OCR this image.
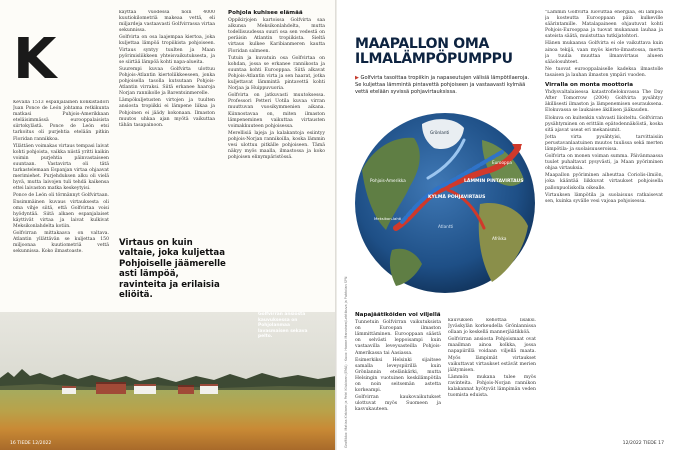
K

Kevällä 1513 espanjalainen konkistadori Juan Ponce de León johtama retkikunta matkasi Puhjois-Amerikkaan eteläisimmässä eurooppalaisista siirtokylästä. Ponce de León etsi tarkoitus oli purjehtia etelään pitkin Floridan rannikkoa.

Yllättäen voimakas virtaus tempasi laivat kohti pohjoista, vaikka niistä yritti kaikin voimin purjehtia päinvastaiseen suuntaan. Vastavirta oli tätä tarkastelemaan Espanjan virtaa ohjaavat merimiehet. Purjehduksen alku oli vielä hyvä, mutta laivojen tuli tehdä kaikensa ettei laivaston matka keskeytyisi.

Ponce de León oli törmännyt Golfvirtaan. Ensimmäinen kuvaus virtauksesta oli oma vihje siitä, että Golfvirtaa voisi hyödyntää. Siitä alkaen espanjalaiset käyttivät virtaa ja laivat kulkivat Meksikonlahdelta kotiin.

Golfvirran mittakaava on valtava. Atlantin yllättävän se kuljettaa 150 miljoonaa kuutiometriä vettä sekunnissa. Koko ilmastoaste.

käyttää vuodessa noin 4000 kuutiokilometriä makeaa vettä, eli miljardeja vastaavasti Golfvirrassa virtaa sekunnissa.

Golfvirta on osa laajempaa kiertoa, joka kuljettaa lämpöä tropiikista pohjoiseen. Virtaus syntyy tuulten ja Maan pyörimisliikkeen yhteisvaikutuksesta, ja se siirtää lämpöä kohti napa-alueita.

Suurempi kuvaa Golfvirta ulottuu Pohjois-Atlantin kiertoliikkeeseen, jonka pohjoisella tasolla kutsutaan Pohjois-Atlantin virraksi. Siitä erkanee haaroja Norjan rannikolle ja Barentsinmerelle.

Lämpökuljetusten virtojen ja tuulten ansiosta tropiikki ei lämpene liikaa ja Pohjoinen ei jäädy kokonaan. Ilmaston muutos uhkaa ajan myötä vaikuttaa tähän tasapainoon.

Virtaus on kuin valtaie, joka kuljettaa Pohjoiselle jäämerelle asti lämpöä, ravinteita ja erilaisia eliöitä.
Pohjola kuhisee elämää

Oppikirjojen kartoissa Golfvirta saa alkunsa Meksikonlahdelta, mutta todellisuudessa suuri osa sen vedestä on peräisin Atlantin tropiikista. Sieltä virtaus kulkee Karibianmeren kautta Floridan salmeen.

Tutuin ja kuvatuin osa Golfvirtaa on kohdan, jossa se erkanee rannikosta ja suuntaa kohti Eurooppaa. Siitä alkavat Pohjois-Atlantin virta ja sen haarat, jotka kuljettavat lämmintä pintavettä kohti Norjaa ja Huippuvuoria.

Golfvirta on jatkuvasti muutoksessa. Professori Petteri Uotila kuvaa virran muuttuvan vuosikymmenien aikana. Kiinnostavaa on, miten ilmaston lämpeneminen vaikuttaa virtausten voimakkuuteen pohjoisessa.

Merellisiä lajeja ja kalakantoja esiintyy pohjois-Norjan rannikoilla, koska lämmin vesi ulottuu pitkälle pohjoiseen. Tämä näkyy myös maalla, ilmastossa ja koko pohjoisen elinympäristössä.

Golfvirran ansiosta kauvuksessa on Pohjolanmaa lavasmaisen sekava pelto.
16 TIEDE 12/2022
MAAPALLON OMA ILMALÄMPÖPUMPPU
▶ Golfvirta tasoittaa tropiikin ja napaseutujen välisiä lämpötilaeroja. Se kuljettaa lämmintä pintavettä pohjoiseen ja vastaavasti kylmää vettä etelään syvissä pohjavirtauksissa.
LÄMMIN PINTAVIRTAUS
KYLMÄ POHJAVIRTAUS
Pohjois-Amerikka
Grönlanti
Eurooppa
Afrikka
Meksikon-lahti
Atlantti
Grafiikka: Matias Kirkinen ja Petri Kiiskinen (EMA) · Kuva: Hanne Manninen/Lehtikuva ja Puhtolan SPN Napajäätiköiden voi viljellä

Tunnetuin Golfvirran vaikutuksista on Euroopan ilmaston lämmittäminen. Eurooppaan säästä on selvästi leppoisampi kuin vastaavilla leveysasteilla Pohjois-Amerikassa tai Aasiassa.

Esimerkiksi Helsinki sijaitsee samalla leveyspiirillä kuin Grönlannin etelänkärki, mutta Helsingin vuotuinen keskilämpötila on noin seitsemän astetta korkeampi.

Golfvirran kaukovaikutukset ulottuvat myös Suomeen ja kasvukauteen.

kauvuksen kehottaa lisäksi. Jyväskylän korkeudella Grönlannissa ollaan jo keskellä mannerjäätikköä.

Golfvirran ansiosta Pohjoismaat ovat maailman ainoa kolkka, jossa napapiirillä voidaan viljellä maata. Myös lämpimät virtaukset vaikuttavat virtaukset estävät merien jäätymisen.

Lämmön mukana tulee myös ravinteita. Pohjois-Norjan rannikon kalakannat hyötyvät lämpimän veden tuomista eduista.

"Lämmin Golfvirta luovuttaa energiaa, eli lämpöä ja kosteutta Eurooppaan päin kulkeville säärintamille. Matalapaineen ohjautuvat kohti Pohjois-Eurooppaa ja tuovat mukanaan lauhaa ja sateista säätä, muistuttaa tutkijatohtori.

Hänen mukaansa Golfvirta ei ole vaikuttava kuin ainoa tekijä, vaan myös kierto-ilmastossa, merta ja tuulia muuttaa ilmanvirtaus alueen sääolosuhteet.

Ne tuovat eurooppalaiselle kadeksa ilmastolle tasaisen ja lauhan ilmaston ympäri vuoden.

Virralla on monta moottoria

Yhdysvaltalaisessa katastrofielokuvassa The Day After Tomorrow (2004) Golfvirta pysähtyy äkillisesti ilmaston ja lämpenemisen seurauksena. Elokuvassa se laukaisee äkillisen jääkauden.

Elokuva on kuitenkin vahvasti liioiteltu. Golfvirran pysähtyminen on erittäin epätodennäköistä, koska sitä ajavat useat eri mekanismit.

Jotta virta pysähtyisi, tarvittaisiin perustavanlaatuinen muutos tuulissa sekä merten lämpötila- ja suolaisuuseroissa.

Golfvirta on monen voiman summa. Päivänmaassa tuulet puhaltavat pysyvästi, ja Maan pyöriminen ohjaa virtauksia.

Maapallon pyöriminen aiheuttaa Coriolis-ilmiön, joka kääntää liikkuvat virtaukset pohjoisella pallonpuoliskolla oikealle.

Virtauksen lämpötila ja suolaisuus ratkaisevat sen, kuinka syvälle vesi vajoaa pohjoisessa.

12/2022 TIEDE 17
